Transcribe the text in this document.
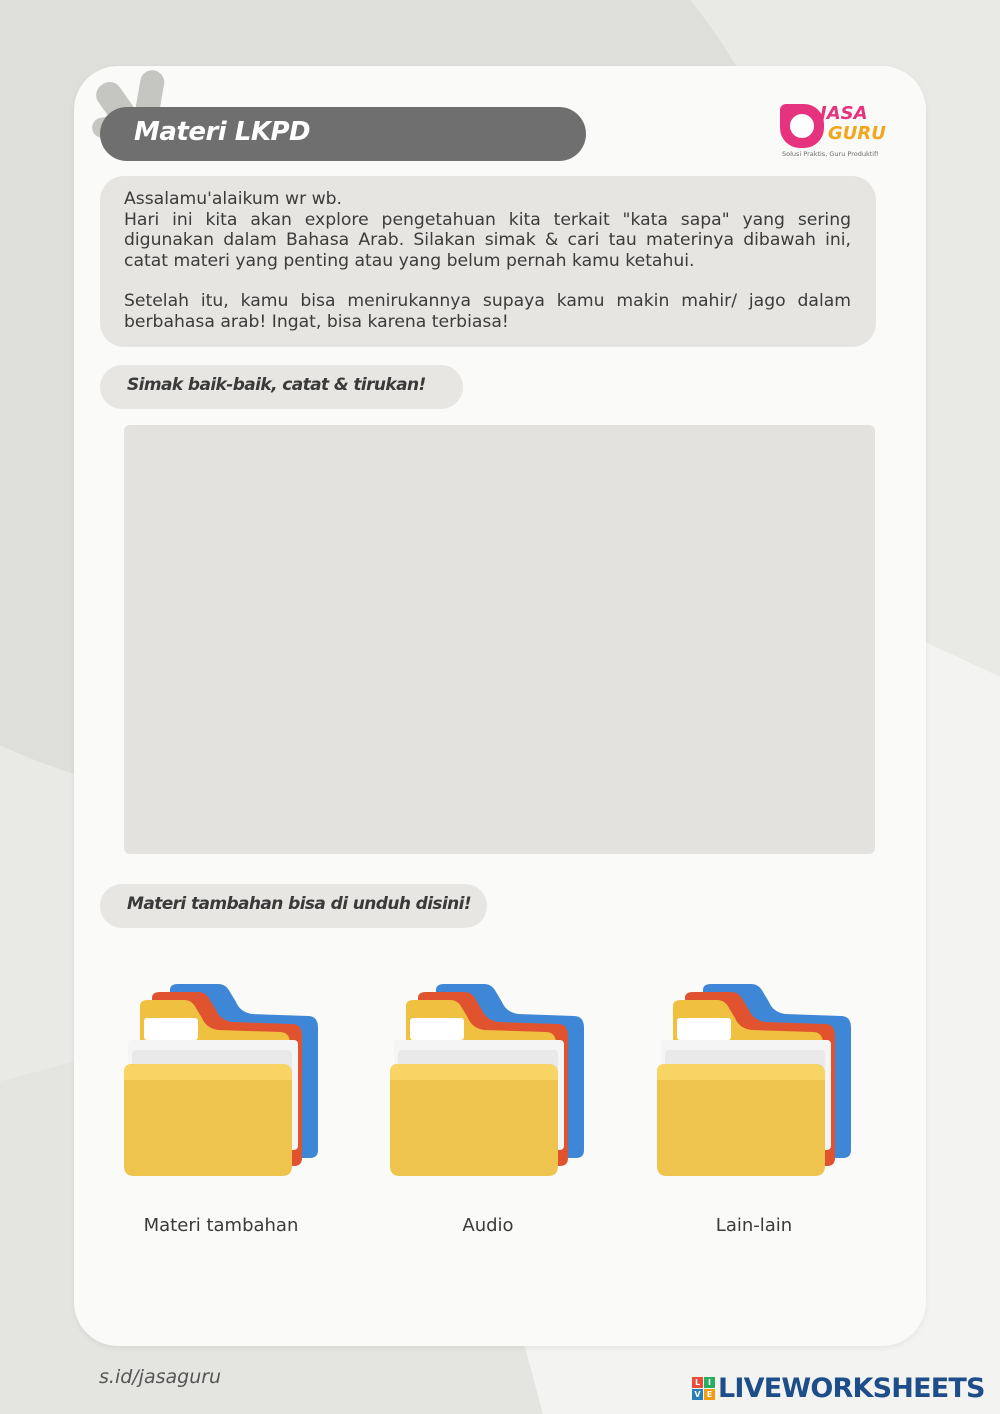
Materi LKPD
JASA
GURU
Solusi Praktis, Guru Produktif!

Assalamu'alaikum wr wb.

Hari ini kita akan explore pengetahuan kita terkait "kata sapa" yang sering digunakan dalam Bahasa Arab. Silakan simak & cari tau materinya dibawah ini, catat materi yang penting atau yang belum pernah kamu ketahui.

Setelah itu, kamu bisa menirukannya supaya kamu makin mahir/ jago dalam berbahasa arab! Ingat, bisa karena terbiasa!

Simak baik-baik, catat & tirukan!
Materi tambahan bisa di unduh disini!
Materi tambahan	Audio	Lain-lain
s.id/jasaguru	L I
V E LIVEWORKSHEETS
